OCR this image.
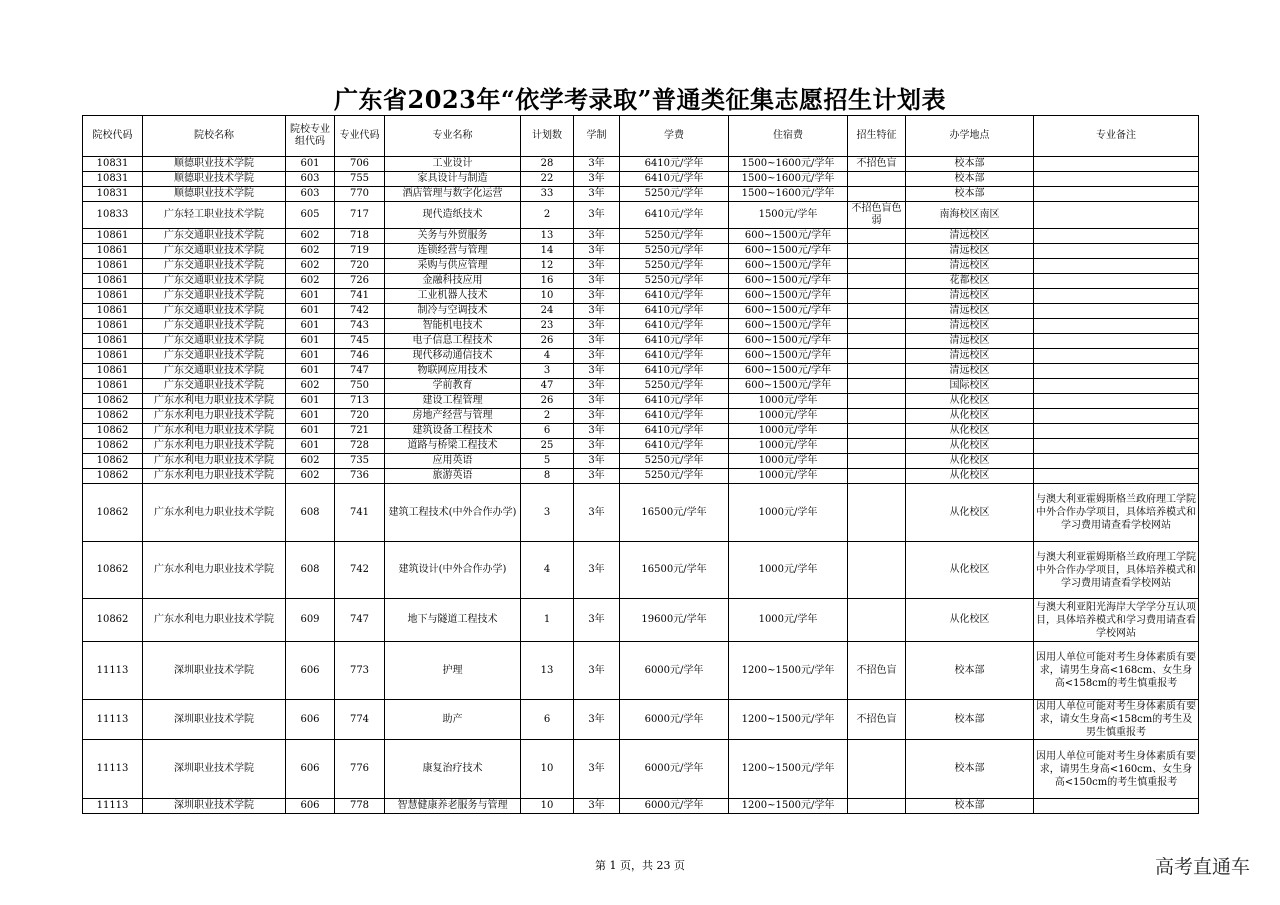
广东省2023年“依学考录取”普通类征集志愿招生计划表
院校代码	院校名称	院校专业组代码	专业代码	专业名称	计划数	学制	学费	住宿费	招生特征	办学地点	专业备注
10831	顺德职业技术学院	601	706	工业设计	28	3年	6410元/学年	1500~1600元/学年	不招色盲	校本部	
10831	顺德职业技术学院	603	755	家具设计与制造	22	3年	6410元/学年	1500~1600元/学年		校本部	
10831	顺德职业技术学院	603	770	酒店管理与数字化运营	33	3年	5250元/学年	1500~1600元/学年		校本部	
10833	广东轻工职业技术学院	605	717	现代造纸技术	2	3年	6410元/学年	1500元/学年	不招色盲色弱	南海校区南区	
10861	广东交通职业技术学院	602	718	关务与外贸服务	13	3年	5250元/学年	600~1500元/学年		清远校区	
10861	广东交通职业技术学院	602	719	连锁经营与管理	14	3年	5250元/学年	600~1500元/学年		清远校区	
10861	广东交通职业技术学院	602	720	采购与供应管理	12	3年	5250元/学年	600~1500元/学年		清远校区	
10861	广东交通职业技术学院	602	726	金融科技应用	16	3年	5250元/学年	600~1500元/学年		花都校区	
10861	广东交通职业技术学院	601	741	工业机器人技术	10	3年	6410元/学年	600~1500元/学年		清远校区	
10861	广东交通职业技术学院	601	742	制冷与空调技术	24	3年	6410元/学年	600~1500元/学年		清远校区	
10861	广东交通职业技术学院	601	743	智能机电技术	23	3年	6410元/学年	600~1500元/学年		清远校区	
10861	广东交通职业技术学院	601	745	电子信息工程技术	26	3年	6410元/学年	600~1500元/学年		清远校区	
10861	广东交通职业技术学院	601	746	现代移动通信技术	4	3年	6410元/学年	600~1500元/学年		清远校区	
10861	广东交通职业技术学院	601	747	物联网应用技术	3	3年	6410元/学年	600~1500元/学年		清远校区	
10861	广东交通职业技术学院	602	750	学前教育	47	3年	5250元/学年	600~1500元/学年		国际校区	
10862	广东水利电力职业技术学院	601	713	建设工程管理	26	3年	6410元/学年	1000元/学年		从化校区	
10862	广东水利电力职业技术学院	601	720	房地产经营与管理	2	3年	6410元/学年	1000元/学年		从化校区	
10862	广东水利电力职业技术学院	601	721	建筑设备工程技术	6	3年	6410元/学年	1000元/学年		从化校区	
10862	广东水利电力职业技术学院	601	728	道路与桥梁工程技术	25	3年	6410元/学年	1000元/学年		从化校区	
10862	广东水利电力职业技术学院	602	735	应用英语	5	3年	5250元/学年	1000元/学年		从化校区	
10862	广东水利电力职业技术学院	602	736	旅游英语	8	3年	5250元/学年	1000元/学年		从化校区	
10862	广东水利电力职业技术学院	608	741	建筑工程技术(中外合作办学)	3	3年	16500元/学年	1000元/学年		从化校区	与澳大利亚霍姆斯格兰政府理工学院中外合作办学项目，具体培养模式和学习费用请查看学校网站
10862	广东水利电力职业技术学院	608	742	建筑设计(中外合作办学)	4	3年	16500元/学年	1000元/学年		从化校区	与澳大利亚霍姆斯格兰政府理工学院中外合作办学项目，具体培养模式和学习费用请查看学校网站
10862	广东水利电力职业技术学院	609	747	地下与隧道工程技术	1	3年	19600元/学年	1000元/学年		从化校区	与澳大利亚阳光海岸大学学分互认项目，具体培养模式和学习费用请查看学校网站
11113	深圳职业技术学院	606	773	护理	13	3年	6000元/学年	1200~1500元/学年	不招色盲	校本部	因用人单位可能对考生身体素质有要求，请男生身高<168cm、女生身高<158cm的考生慎重报考
11113	深圳职业技术学院	606	774	助产	6	3年	6000元/学年	1200~1500元/学年	不招色盲	校本部	因用人单位可能对考生身体素质有要求，请女生身高<158cm的考生及男生慎重报考
11113	深圳职业技术学院	606	776	康复治疗技术	10	3年	6000元/学年	1200~1500元/学年		校本部	因用人单位可能对考生身体素质有要求，请男生身高<160cm、女生身高<150cm的考生慎重报考
11113	深圳职业技术学院	606	778	智慧健康养老服务与管理	10	3年	6000元/学年	1200~1500元/学年		校本部	
第 1 页，共 23 页	高考直通车
